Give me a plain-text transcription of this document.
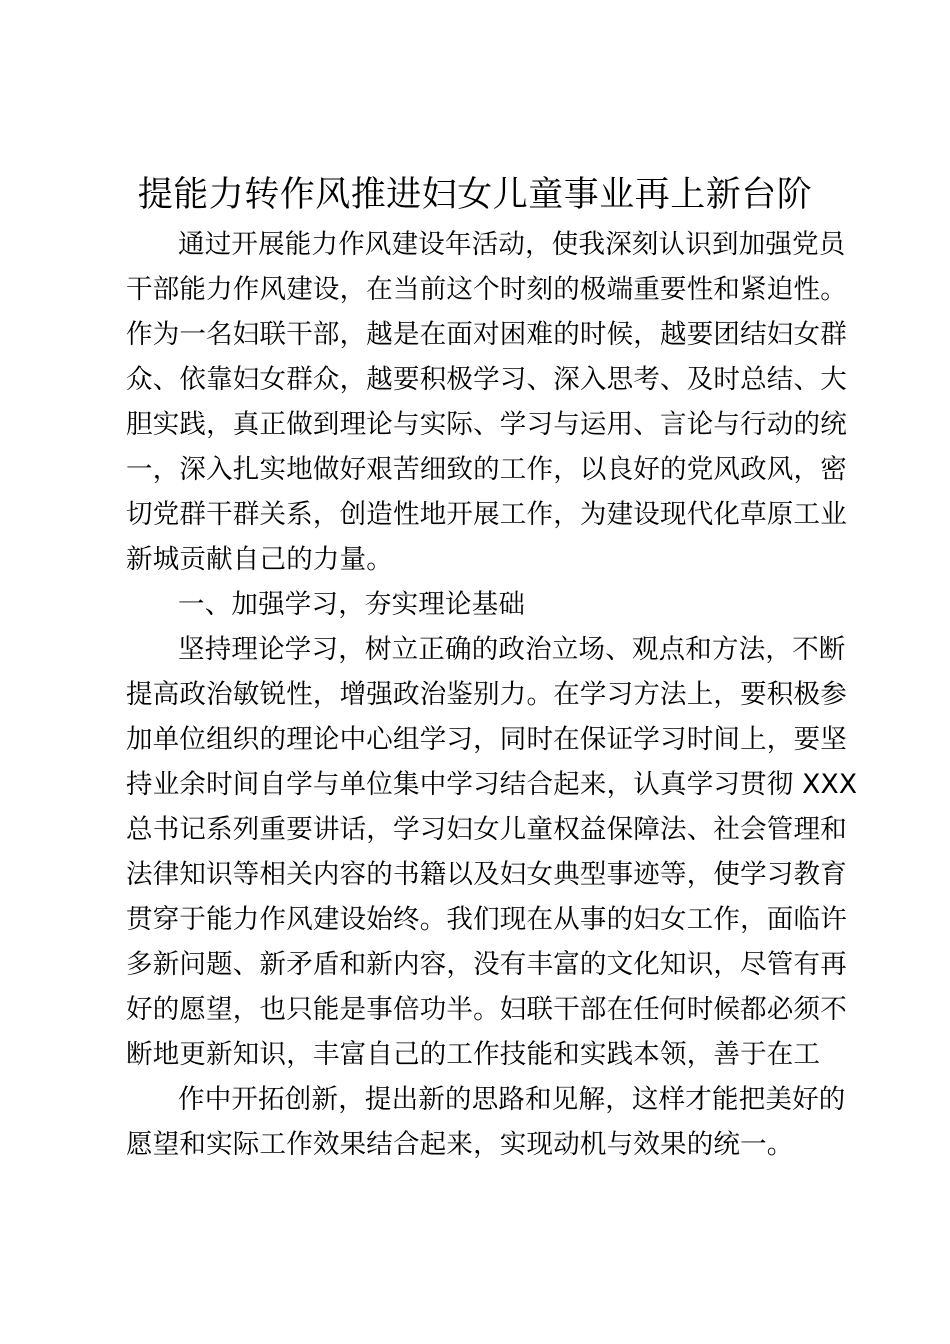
提能力转作风推进妇女儿童事业再上新台阶
通过开展能力作风建设年活动，使我深刻认识到加强党员
干部能力作风建设，在当前这个时刻的极端重要性和紧迫性。
作为一名妇联干部，越是在面对困难的时候，越要团结妇女群
众、依靠妇女群众，越要积极学习、深入思考、及时总结、大
胆实践，真正做到理论与实际、学习与运用、言论与行动的统
一，深入扎实地做好艰苦细致的工作，以良好的党风政风，密
切党群干群关系，创造性地开展工作，为建设现代化草原工业
新城贡献自己的力量。
一、加强学习，夯实理论基础
坚持理论学习，树立正确的政治立场、观点和方法，不断
提高政治敏锐性，增强政治鉴别力。在学习方法上，要积极参
加单位组织的理论中心组学习，同时在保证学习时间上，要坚
持业余时间自学与单位集中学习结合起来，认真学习贯彻 XXX
总书记系列重要讲话，学习妇女儿童权益保障法、社会管理和
法律知识等相关内容的书籍以及妇女典型事迹等，使学习教育
贯穿于能力作风建设始终。我们现在从事的妇女工作，面临许
多新问题、新矛盾和新内容，没有丰富的文化知识，尽管有再
好的愿望，也只能是事倍功半。妇联干部在任何时候都必须不
断地更新知识，丰富自己的工作技能和实践本领，善于在工
作中开拓创新，提出新的思路和见解，这样才能把美好的
愿望和实际工作效果结合起来，实现动机与效果的统一。
